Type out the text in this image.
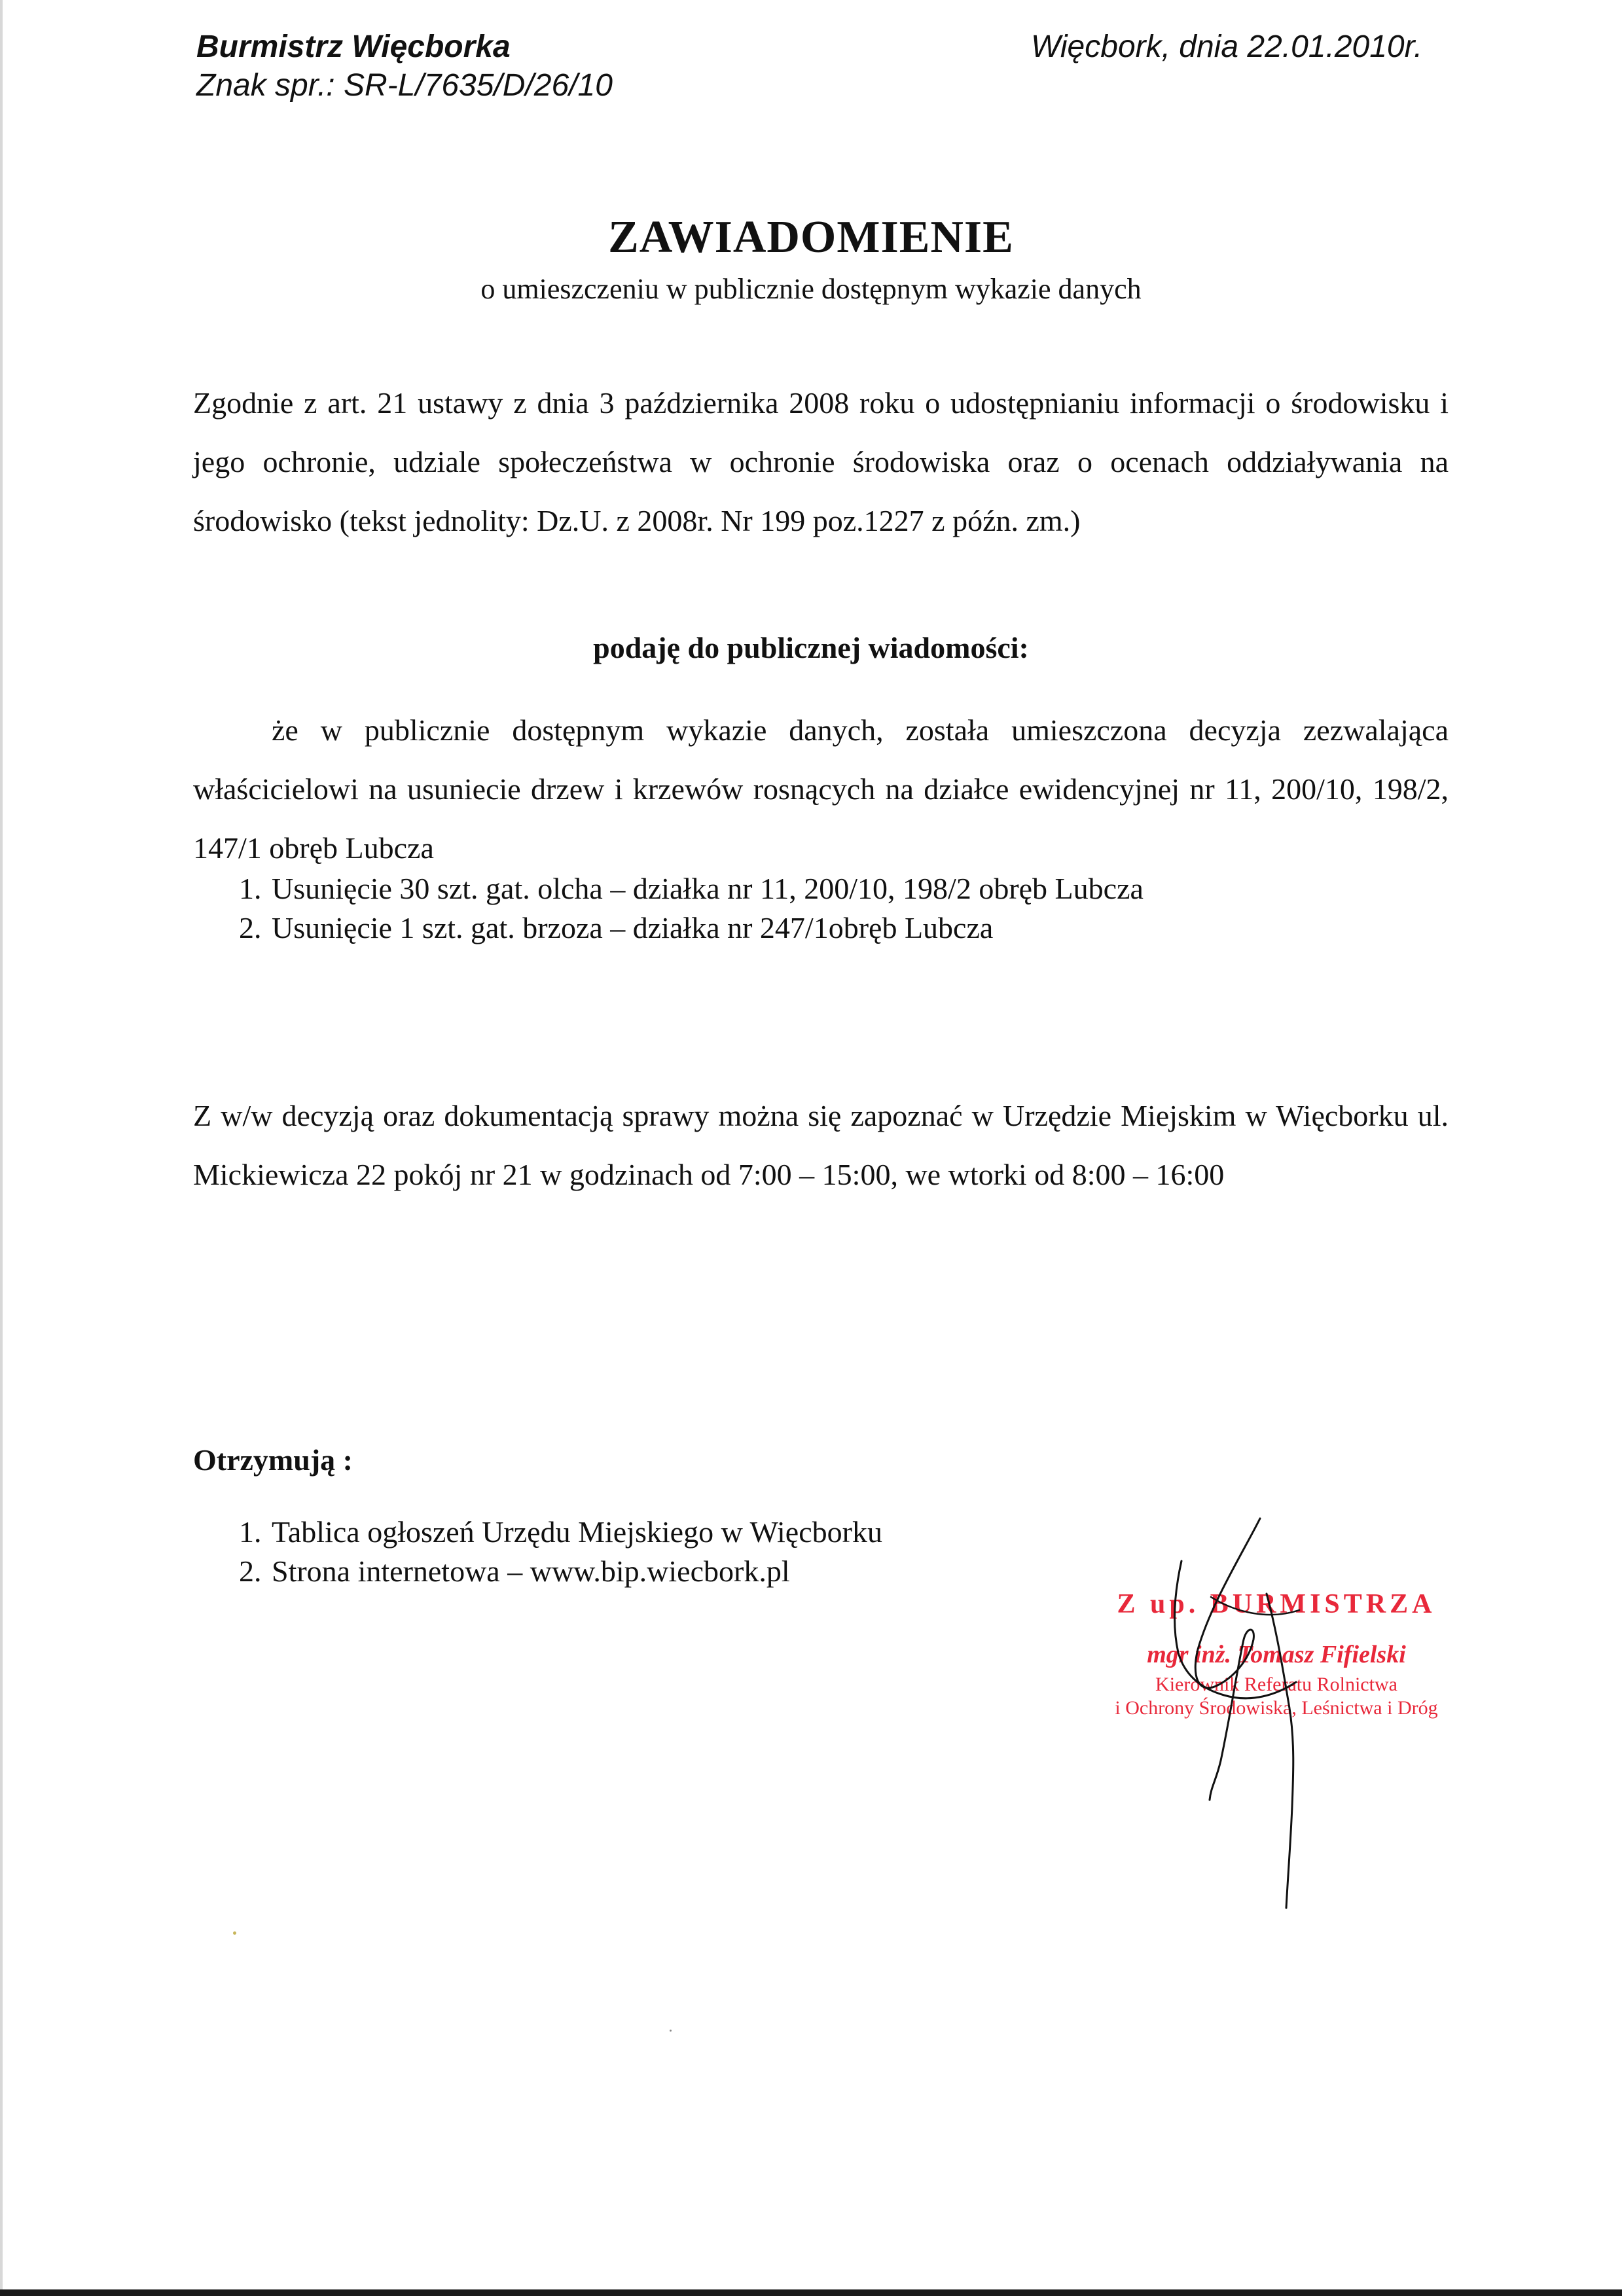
Burmistrz Więcborka
Znak spr.: SR-L/7635/D/26/10
Więcbork, dnia 22.01.2010r.
ZAWIADOMIENIE
o umieszczeniu w publicznie dostępnym wykazie danych
Zgodnie z art. 21 ustawy z dnia 3 października 2008 roku o udostępnianiu informacji o środowisku i jego ochronie, udziale społeczeństwa w ochronie środowiska oraz o ocenach oddziaływania na środowisko (tekst jednolity: Dz.U. z 2008r. Nr 199 poz.1227 z późn. zm.)
podaję do publicznej wiadomości:
że w publicznie dostępnym wykazie danych, została umieszczona decyzja zezwalająca właścicielowi na usuniecie drzew i krzewów rosnących na działce ewidencyjnej nr 11, 200/10, 198/2, 147/1 obręb Lubcza
1. Usunięcie 30 szt. gat. olcha – działka nr 11, 200/10, 198/2 obręb Lubcza
2. Usunięcie 1 szt. gat. brzoza – działka nr 247/1obręb Lubcza
Z w/w decyzją oraz dokumentacją sprawy można się zapoznać w Urzędzie Miejskim w Więcborku ul. Mickiewicza 22 pokój nr 21 w godzinach od 7:00 – 15:00, we wtorki od 8:00 – 16:00
Otrzymują :
1. Tablica ogłoszeń Urzędu Miejskiego w Więcborku
2. Strona internetowa – www.bip.wiecbork.pl
Z up. BURMISTRZA
mgr inż. Tomasz Fifielski
Kierownik Referatu Rolnictwa
i Ochrony Środowiska, Leśnictwa i Dróg
